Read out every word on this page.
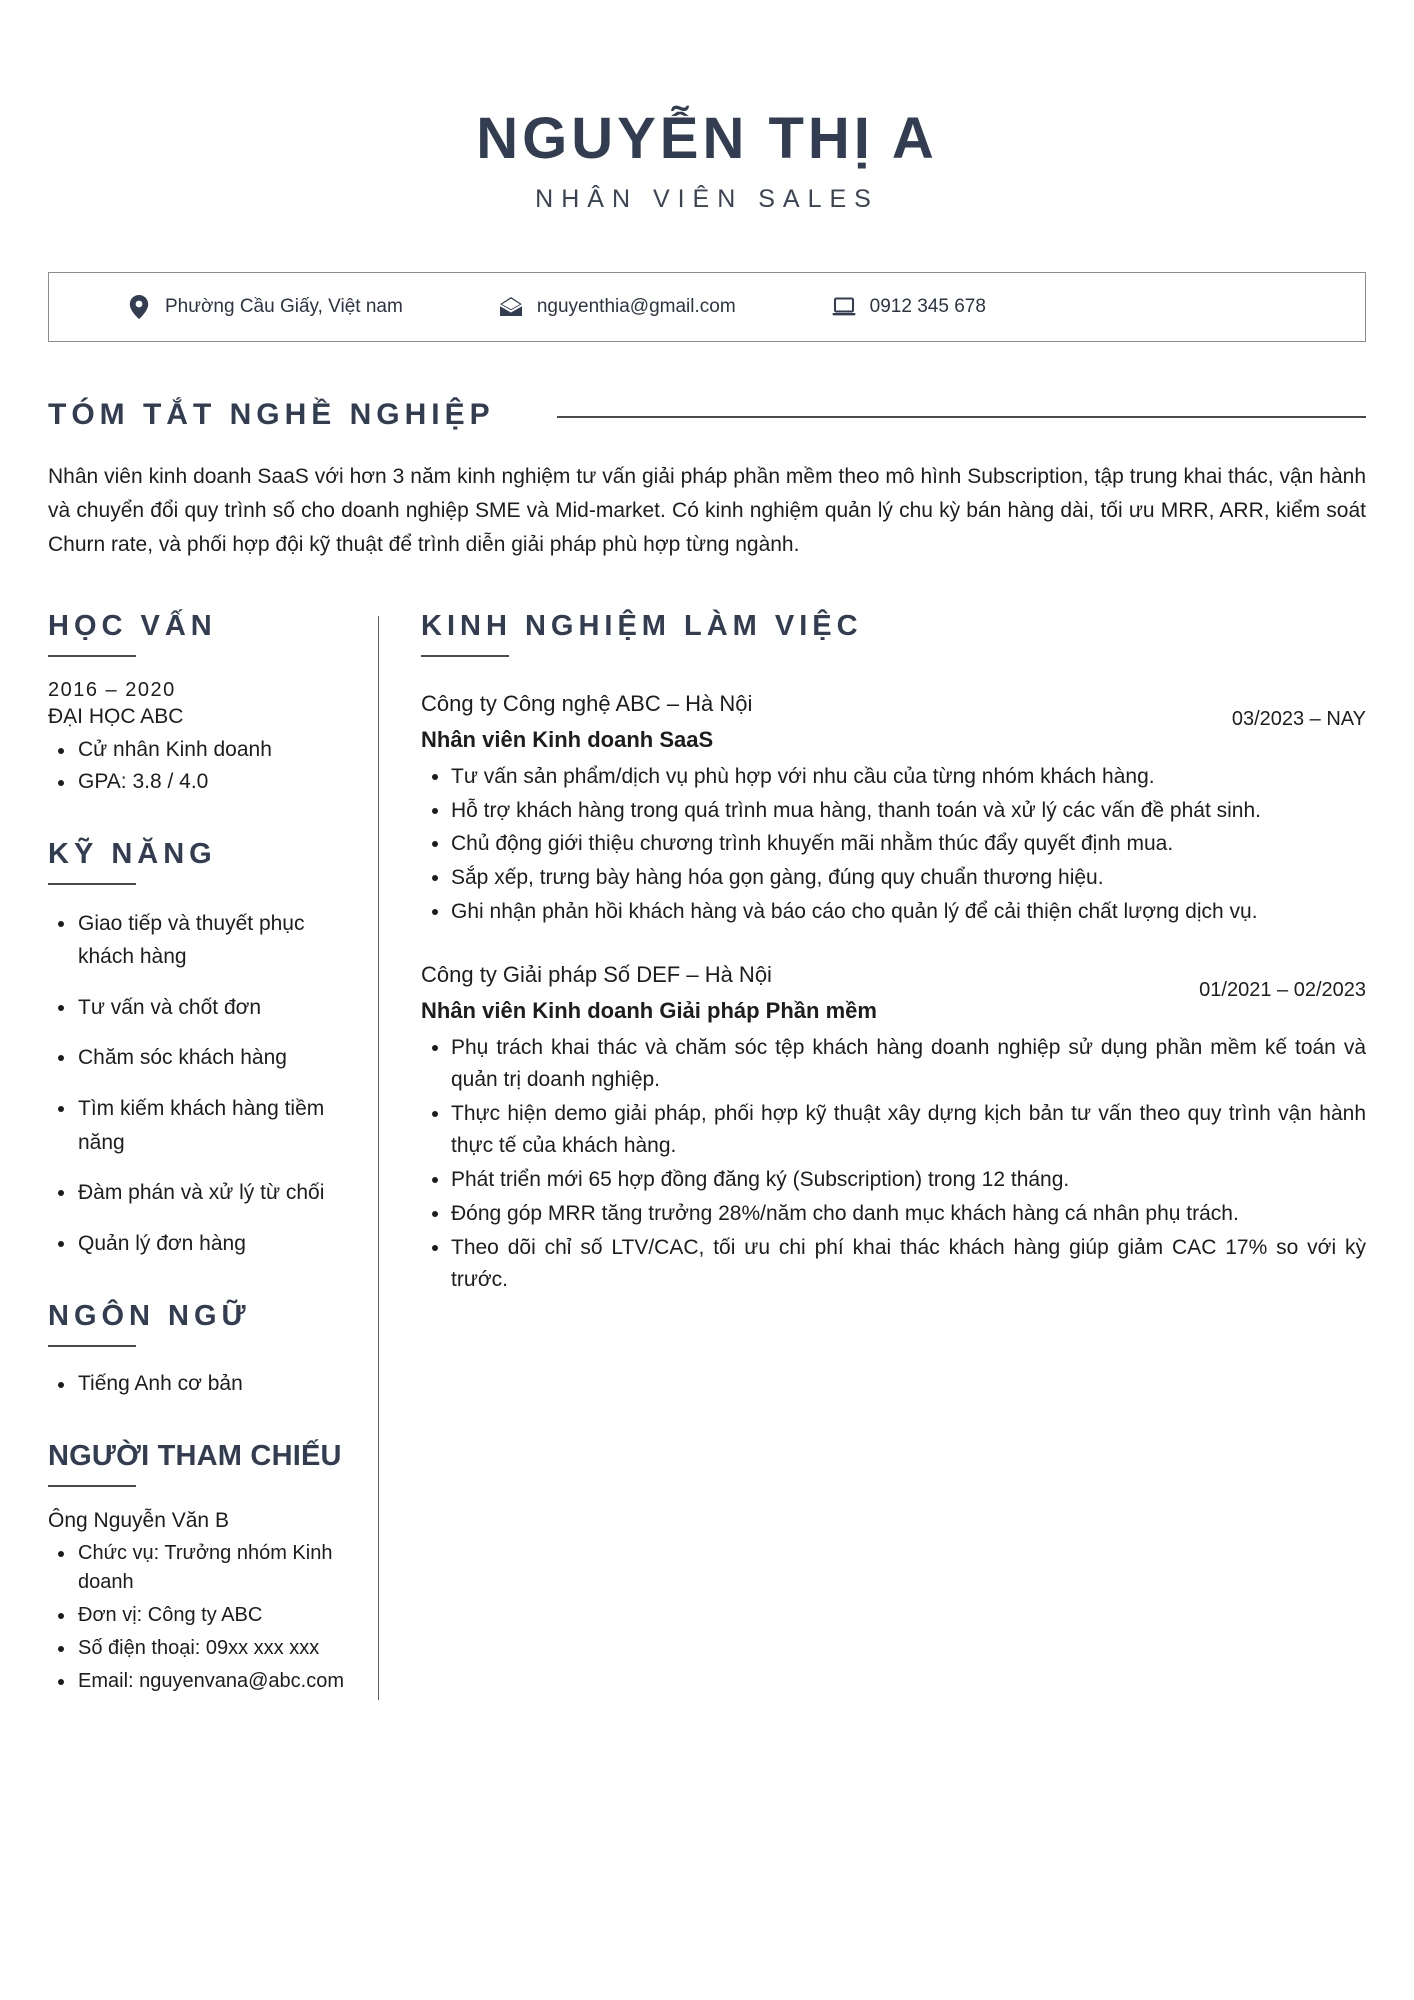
NGUYỄN THỊ A
NHÂN VIÊN SALES
Phường Cầu Giấy, Việt nam	nguyenthia@gmail.com	0912 345 678
TÓM TẮT NGHỀ NGHIỆP
Nhân viên kinh doanh SaaS với hơn 3 năm kinh nghiệm tư vấn giải pháp phần mềm theo mô hình Subscription, tập trung khai thác, vận hành và chuyển đổi quy trình số cho doanh nghiệp SME và Mid-market. Có kinh nghiệm quản lý chu kỳ bán hàng dài, tối ưu MRR, ARR, kiểm soát Churn rate, và phối hợp đội kỹ thuật để trình diễn giải pháp phù hợp từng ngành.
HỌC VẤN
2016 – 2020
ĐẠI HỌC ABC
Cử nhân Kinh doanh
GPA: 3.8 / 4.0
KỸ NĂNG
Giao tiếp và thuyết phục khách hàng
Tư vấn và chốt đơn
Chăm sóc khách hàng
Tìm kiếm khách hàng tiềm năng
Đàm phán và xử lý từ chối
Quản lý đơn hàng
NGÔN NGỮ
Tiếng Anh cơ bản
NGƯỜI THAM CHIẾU
Ông Nguyễn Văn B
Chức vụ: Trưởng nhóm Kinh doanh
Đơn vị: Công ty ABC
Số điện thoại: 09xx xxx xxx
Email: nguyenvana@abc.com
KINH NGHIỆM LÀM VIỆC
Công ty Công nghệ ABC – Hà Nội
03/2023 – NAY
Nhân viên Kinh doanh SaaS
Tư vấn sản phẩm/dịch vụ phù hợp với nhu cầu của từng nhóm khách hàng.
Hỗ trợ khách hàng trong quá trình mua hàng, thanh toán và xử lý các vấn đề phát sinh.
Chủ động giới thiệu chương trình khuyến mãi nhằm thúc đẩy quyết định mua.
Sắp xếp, trưng bày hàng hóa gọn gàng, đúng quy chuẩn thương hiệu.
Ghi nhận phản hồi khách hàng và báo cáo cho quản lý để cải thiện chất lượng dịch vụ.
Công ty Giải pháp Số DEF – Hà Nội
01/2021 – 02/2023
Nhân viên Kinh doanh Giải pháp Phần mềm
Phụ trách khai thác và chăm sóc tệp khách hàng doanh nghiệp sử dụng phần mềm kế toán và quản trị doanh nghiệp.
Thực hiện demo giải pháp, phối hợp kỹ thuật xây dựng kịch bản tư vấn theo quy trình vận hành thực tế của khách hàng.
Phát triển mới 65 hợp đồng đăng ký (Subscription) trong 12 tháng.
Đóng góp MRR tăng trưởng 28%/năm cho danh mục khách hàng cá nhân phụ trách.
Theo dõi chỉ số LTV/CAC, tối ưu chi phí khai thác khách hàng giúp giảm CAC 17% so với kỳ trước.
